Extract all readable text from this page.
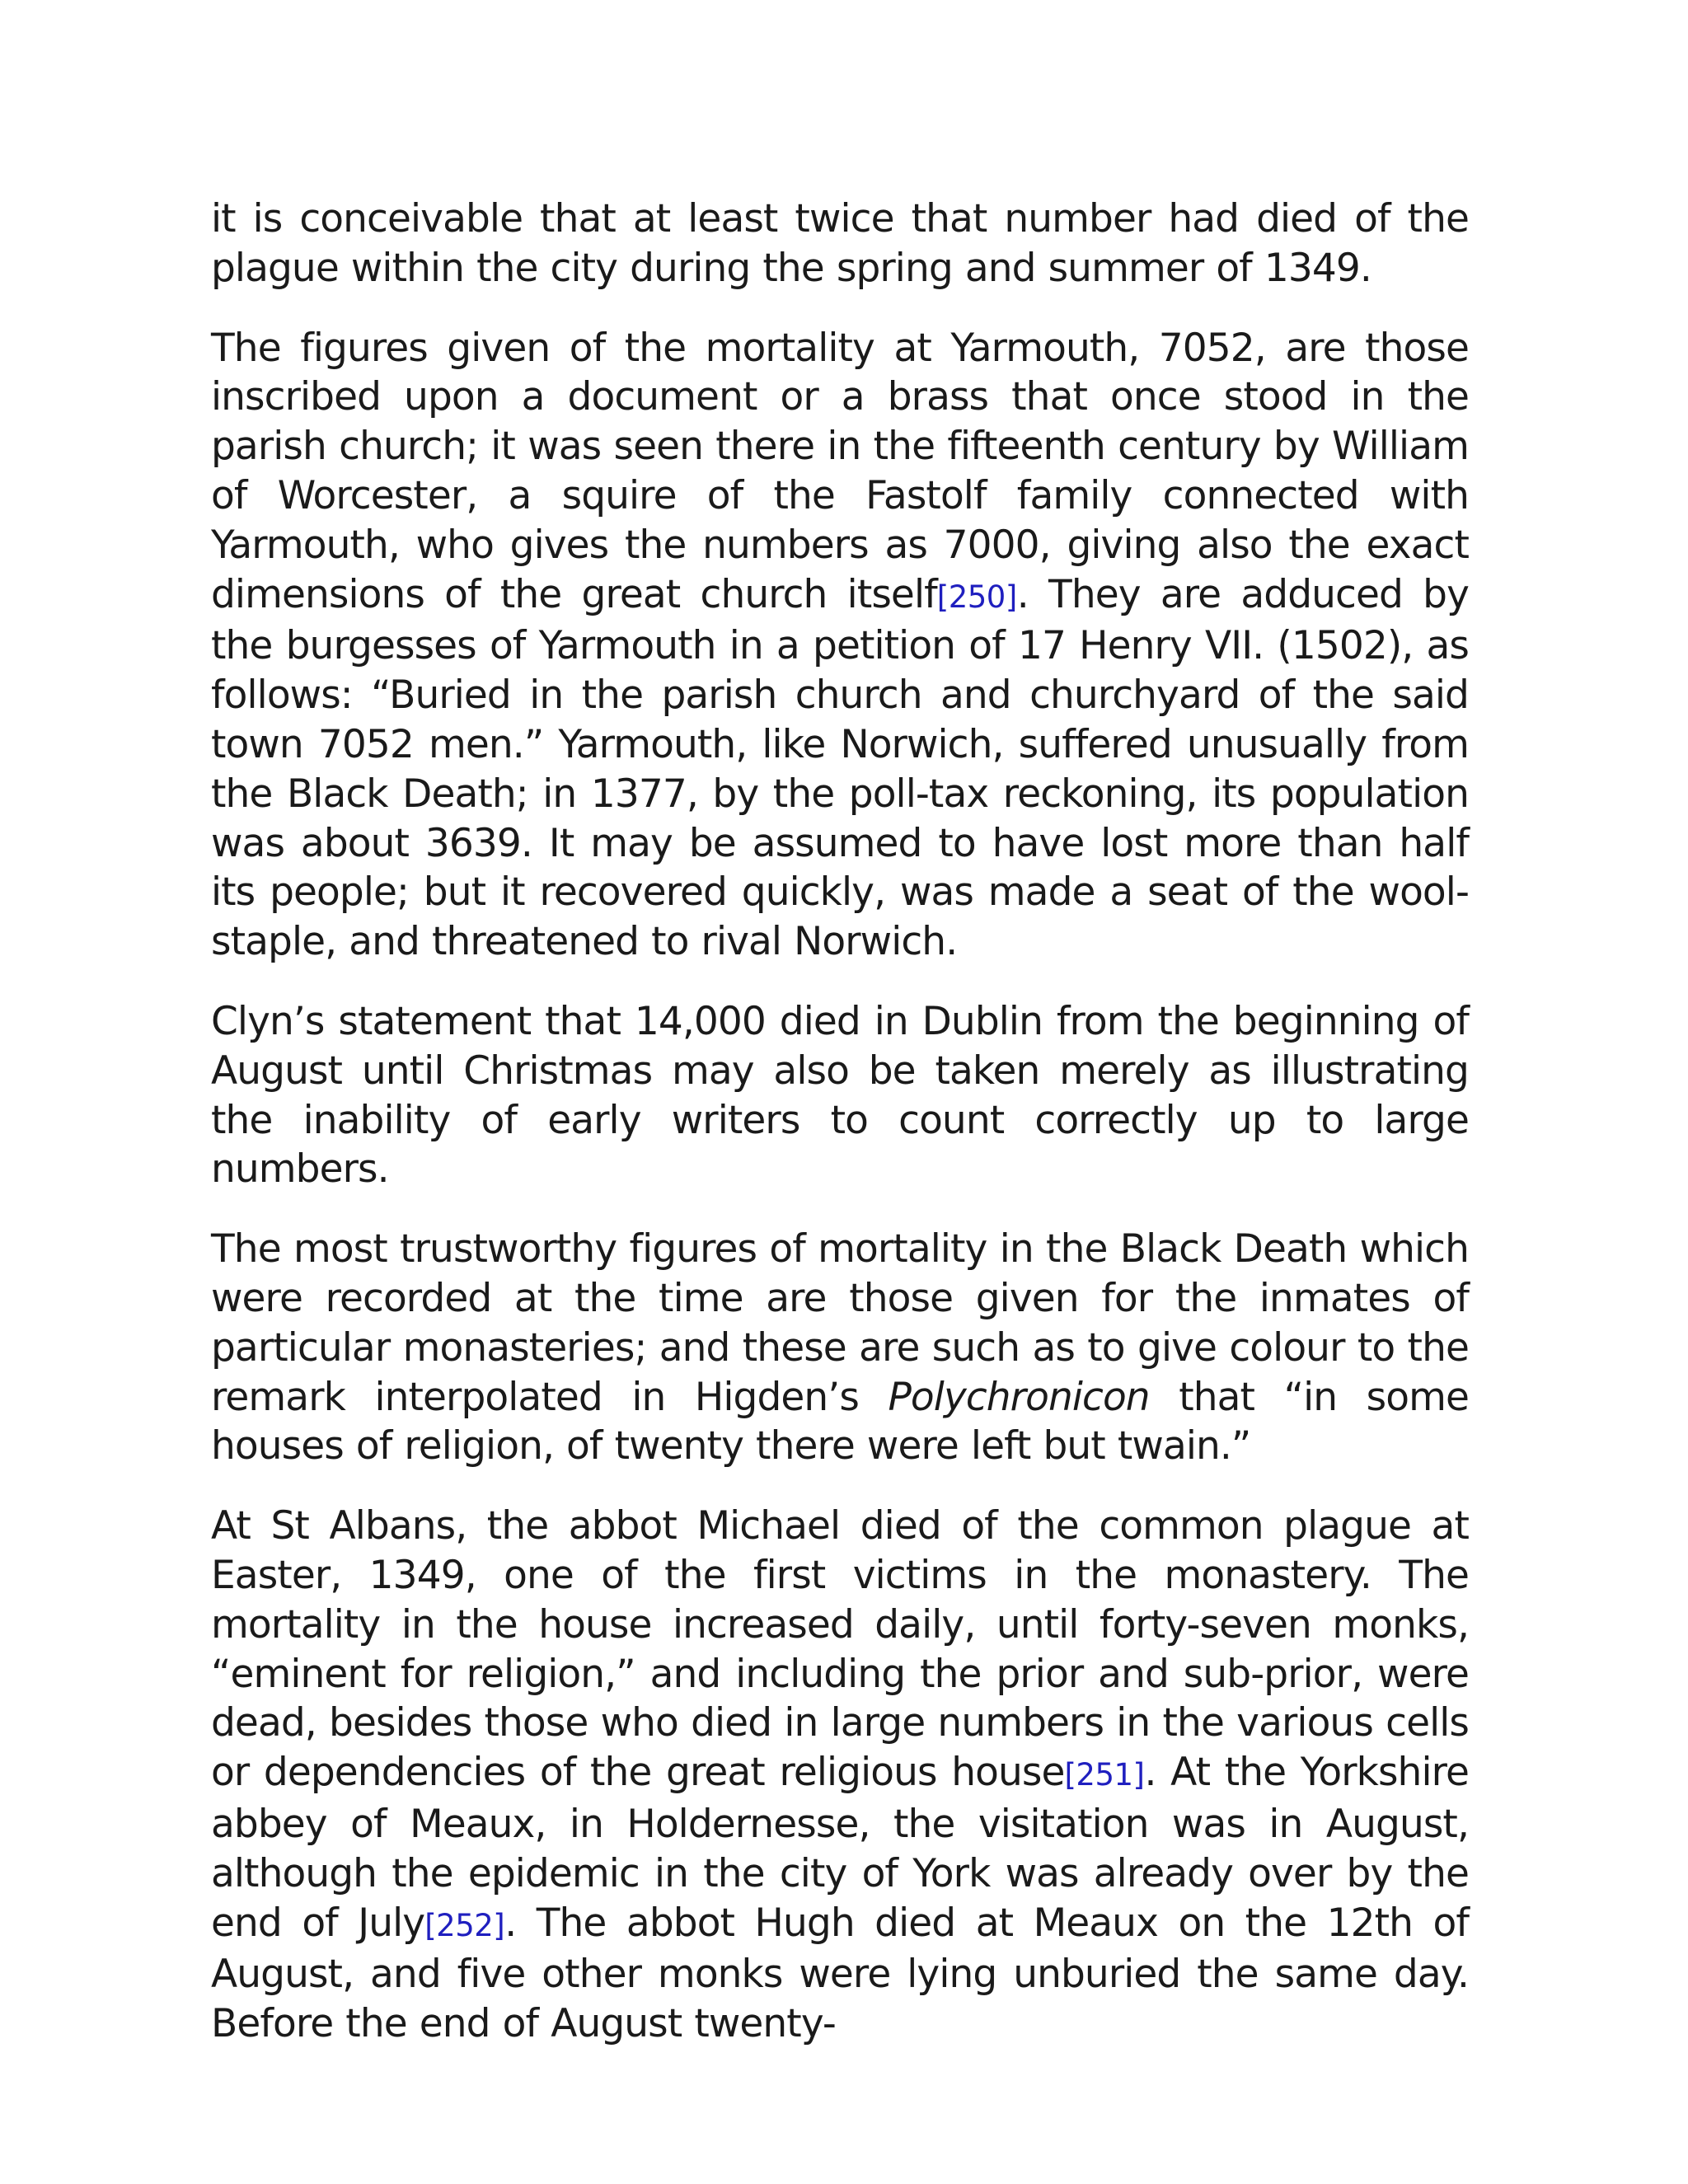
it is conceivable that at least twice that number had died of the plague within the city during the spring and summer of 1349.

The figures given of the mortality at Yarmouth, 7052, are those inscribed upon a document or a brass that once stood in the parish church; it was seen there in the fifteenth century by William of Worcester, a squire of the Fastolf family connected with Yarmouth, who gives the numbers as 7000, giving also the exact dimensions of the great church itself[250]. They are adduced by the burgesses of Yarmouth in a petition of 17 Henry VII. (1502), as follows: “Buried in the parish church and churchyard of the said town 7052 men.” Yarmouth, like Norwich, suffered unusually from the Black Death; in 1377, by the poll-tax reckoning, its population was about 3639. It may be assumed to have lost more than half its people; but it recovered quickly, was made a seat of the wool-staple, and threatened to rival Norwich.

Clyn’s statement that 14,000 died in Dublin from the beginning of August until Christmas may also be taken merely as illustrating the inability of early writers to count correctly up to large numbers.

The most trustworthy figures of mortality in the Black Death which were recorded at the time are those given for the inmates of particular monasteries; and these are such as to give colour to the remark interpolated in Higden’s Polychronicon that “in some houses of religion, of twenty there were left but twain.”

At St Albans, the abbot Michael died of the common plague at Easter, 1349, one of the first victims in the monastery. The mortality in the house increased daily, until forty-seven monks, “eminent for religion,” and including the prior and sub-prior, were dead, besides those who died in large numbers in the various cells or dependencies of the great religious house[251]. At the Yorkshire abbey of Meaux, in Holdernesse, the visitation was in August, although the epidemic in the city of York was already over by the end of July[252]. The abbot Hugh died at Meaux on the 12th of August, and five other monks were lying unburied the same day. Before the end of August twenty-
